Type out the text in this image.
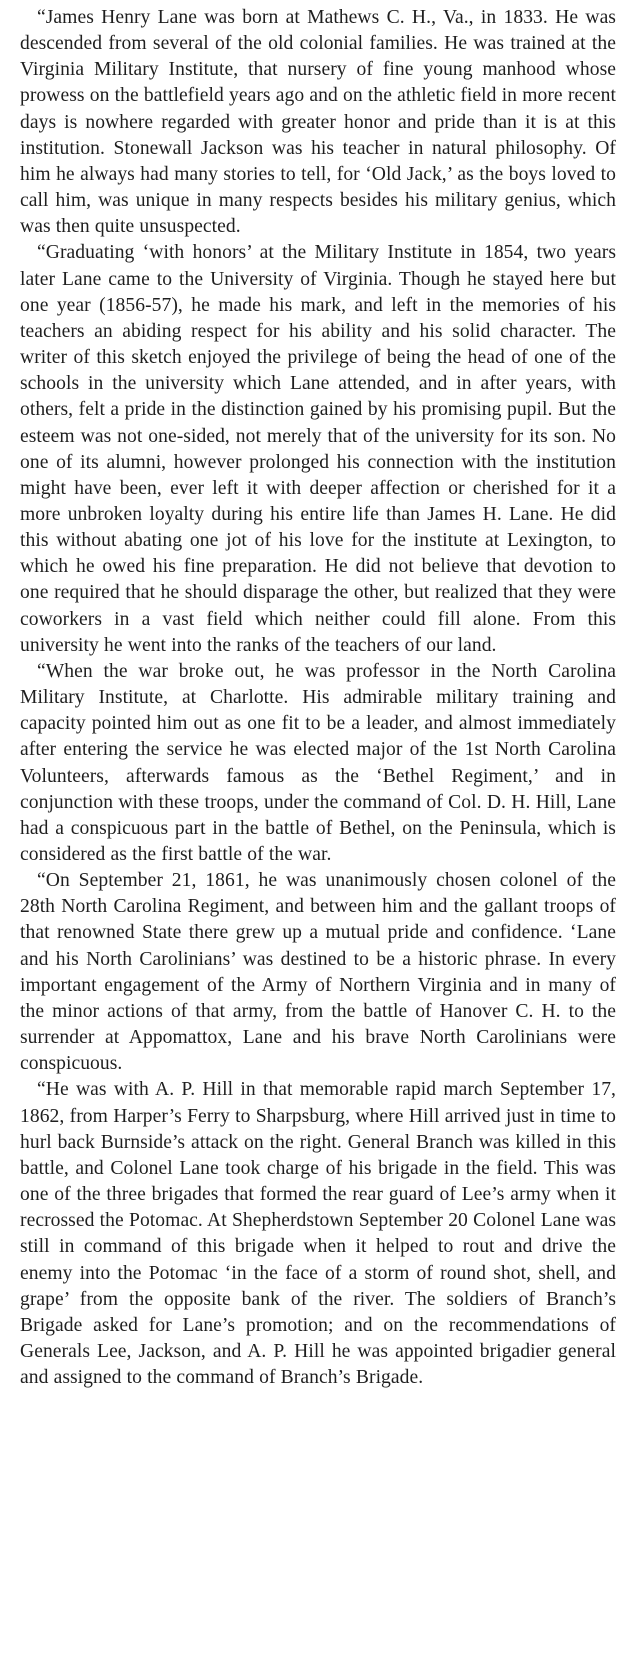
“James Henry Lane was born at Mathews C. H., Va., in 1833. He was descended from several of the old colonial families. He was trained at the Virginia Military Institute, that nursery of fine young manhood whose prowess on the battlefield years ago and on the athletic field in more recent days is nowhere regarded with greater honor and pride than it is at this institution. Stonewall Jackson was his teacher in natural philosophy. Of him he always had many stories to tell, for ‘Old Jack,’ as the boys loved to call him, was unique in many respects besides his military genius, which was then quite unsuspected.

“Graduating ‘with honors’ at the Military Institute in 1854, two years later Lane came to the University of Virginia. Though he stayed here but one year (1856-57), he made his mark, and left in the memories of his teachers an abiding respect for his ability and his solid character. The writer of this sketch enjoyed the privilege of being the head of one of the schools in the university which Lane attended, and in after years, with others, felt a pride in the distinction gained by his promising pupil. But the esteem was not one-sided, not merely that of the university for its son. No one of its alumni, however prolonged his connection with the institution might have been, ever left it with deeper affection or cherished for it a more unbroken loyalty during his entire life than James H. Lane. He did this without abating one jot of his love for the institute at Lexington, to which he owed his fine preparation. He did not believe that devotion to one required that he should disparage the other, but realized that they were coworkers in a vast field which neither could fill alone. From this university he went into the ranks of the teachers of our land.

“When the war broke out, he was professor in the North Carolina Military Institute, at Charlotte. His admirable military training and capacity pointed him out as one fit to be a leader, and almost immediately after entering the service he was elected major of the 1st North Carolina Volunteers, afterwards famous as the ‘Bethel Regiment,’ and in conjunction with these troops, under the command of Col. D. H. Hill, Lane had a conspicuous part in the battle of Bethel, on the Peninsula, which is considered as the first battle of the war.

“On September 21, 1861, he was unanimously chosen colonel of the 28th North Carolina Regiment, and between him and the gallant troops of that renowned State there grew up a mutual pride and confidence. ‘Lane and his North Carolinians’ was destined to be a historic phrase. In every important engagement of the Army of Northern Virginia and in many of the minor actions of that army, from the battle of Hanover C. H. to the surrender at Appomattox, Lane and his brave North Carolinians were conspicuous.

“He was with A. P. Hill in that memorable rapid march September 17, 1862, from Harper’s Ferry to Sharpsburg, where Hill arrived just in time to hurl back Burnside’s attack on the right. General Branch was killed in this battle, and Colonel Lane took charge of his brigade in the field. This was one of the three brigades that formed the rear guard of Lee’s army when it recrossed the Potomac. At Shepherdstown September 20 Colonel Lane was still in command of this brigade when it helped to rout and drive the enemy into the Potomac ‘in the face of a storm of round shot, shell, and grape’ from the opposite bank of the river. The soldiers of Branch’s Brigade asked for Lane’s promotion; and on the recommendations of Generals Lee, Jackson, and A. P. Hill he was appointed brigadier general and assigned to the command of Branch’s Brigade.
